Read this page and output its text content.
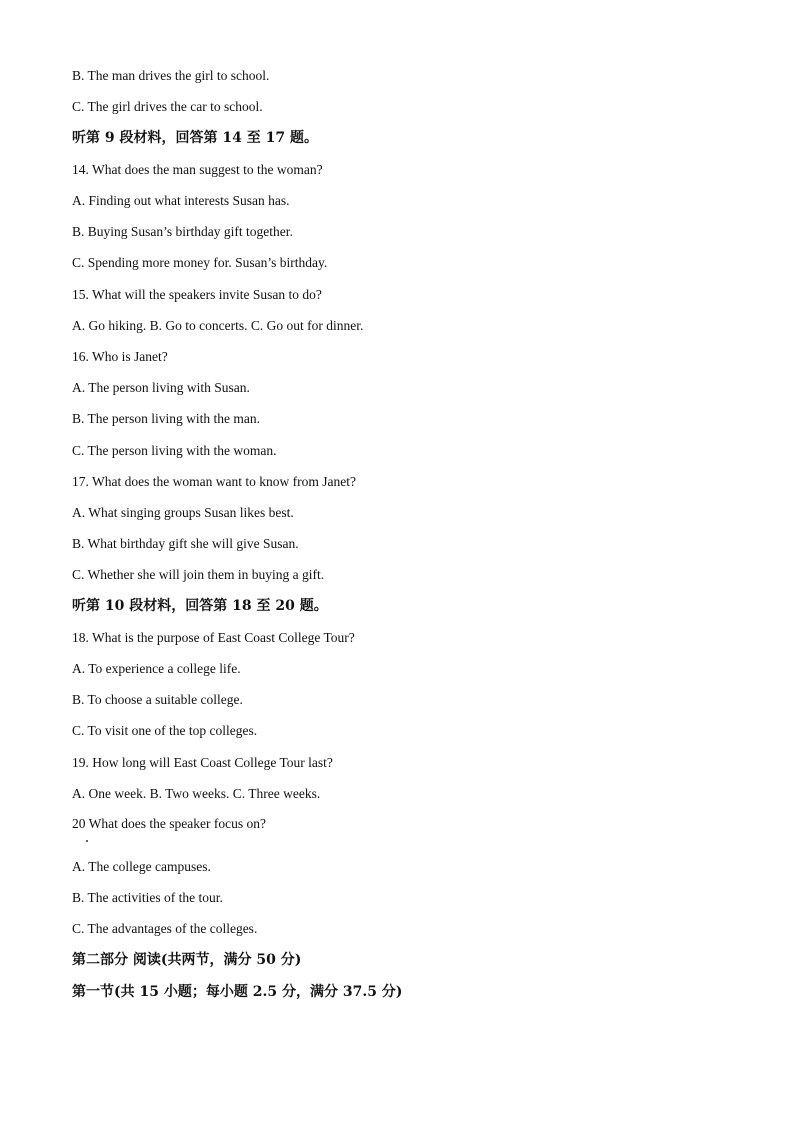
B. The man drives the girl to school.
C. The girl drives the car to school.
听第 9 段材料，回答第 14 至 17 题。
14. What does the man suggest to the woman?
A. Finding out what interests Susan has.
B. Buying Susan’s birthday gift together.
C. Spending more money for. Susan’s birthday.
15. What will the speakers invite Susan to do?
A. Go hiking. B. Go to concerts. C. Go out for dinner.
16. Who is Janet?
A. The person living with Susan.
B. The person living with the man.
C. The person living with the woman.
17. What does the woman want to know from Janet?
A. What singing groups Susan likes best.
B. What birthday gift she will give Susan.
C. Whether she will join them in buying a gift.
听第 10 段材料，回答第 18 至 20 题。
18. What is the purpose of East Coast College Tour?
A. To experience a college life.
B. To choose a suitable college.
C. To visit one of the top colleges.
19. How long will East Coast College Tour last?
A. One week. B. Two weeks. C. Three weeks.
20 What does the speaker focus on?
A. The college campuses.
B. The activities of the tour.
C. The advantages of the colleges.
第二部分 阅读(共两节，满分 50 分)
第一节(共 15 小题；每小题 2.5 分，满分 37.5 分)
